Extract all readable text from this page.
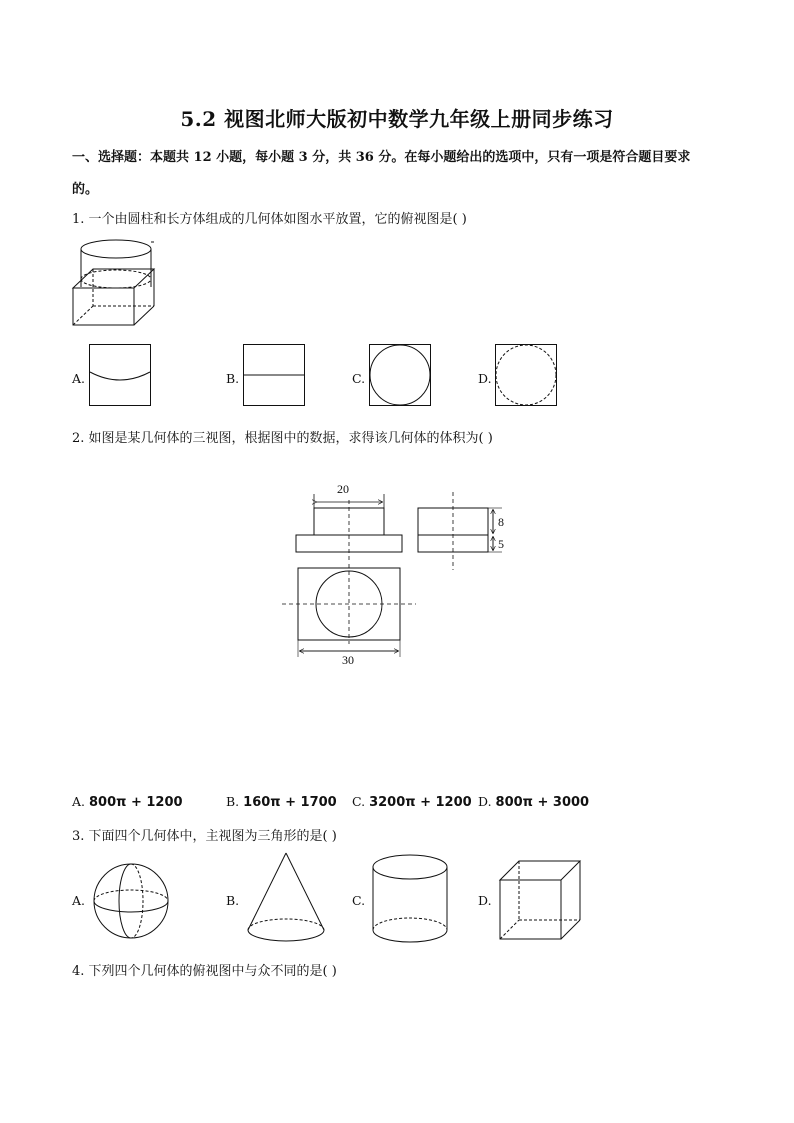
5.2 视图北师大版初中数学九年级上册同步练习
一、选择题：本题共 12 小题，每小题 3 分，共 36 分。在每小题给出的选项中，只有一项是符合题目要求
的。
1. 一个由圆柱和长方体组成的几何体如图水平放置，它的俯视图是( )
A.	B.	C.	D.
2. 如图是某几何体的三视图，根据图中的数据，求得该几何体的体积为( )
20
8
5
30
A. 800π + 1200	B. 160π + 1700 C. 3200π + 1200 D. 800π + 3000
3. 下面四个几何体中，主视图为三角形的是( )
A.	B.	C.	D.
4. 下列四个几何体的俯视图中与众不同的是( )
